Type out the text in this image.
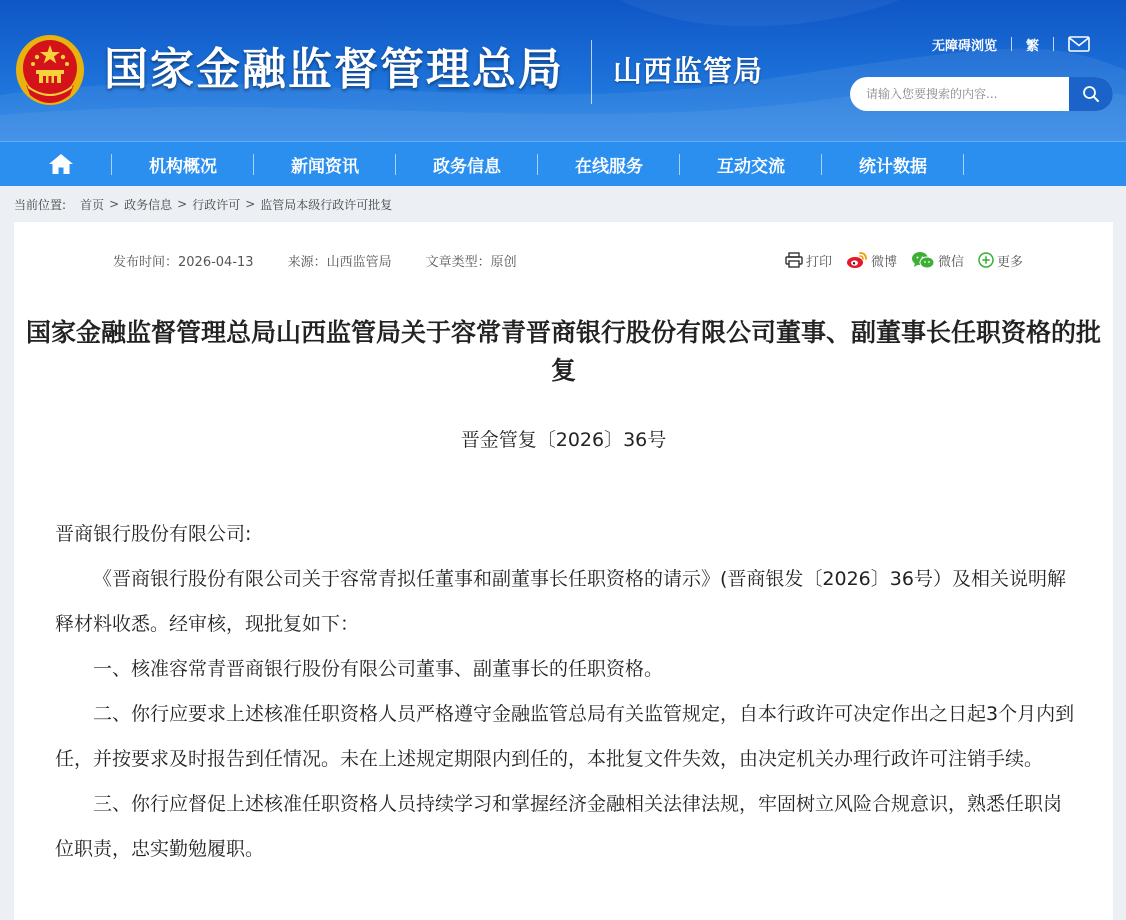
国家金融监督管理总局 山西监管局
无障碍浏览 繁
请输入您要搜索的内容...
机构概况	新闻资讯	政务信息	在线服务	互动交流	统计数据
当前位置: 首页 > 政务信息 > 行政许可 > 监管局本级行政许可批复
发布时间：2026-04-13	来源：山西监管局	文章类型：原创	打印	微博	微信	更多
国家金融监督管理总局山西监管局关于容常青晋商银行股份有限公司董事、副董事长任职资格的批复
晋金管复〔2026〕36号

晋商银行股份有限公司:

《晋商银行股份有限公司关于容常青拟任董事和副董事长任职资格的请示》(晋商银发〔2026〕36号）及相关说明解释材料收悉。经审核，现批复如下：

一、核准容常青晋商银行股份有限公司董事、副董事长的任职资格。

二、你行应要求上述核准任职资格人员严格遵守金融监管总局有关监管规定，自本行政许可决定作出之日起3个月内到任，并按要求及时报告到任情况。未在上述规定期限内到任的，本批复文件失效，由决定机关办理行政许可注销手续。

三、你行应督促上述核准任职资格人员持续学习和掌握经济金融相关法律法规，牢固树立风险合规意识，熟悉任职岗位职责，忠实勤勉履职。
